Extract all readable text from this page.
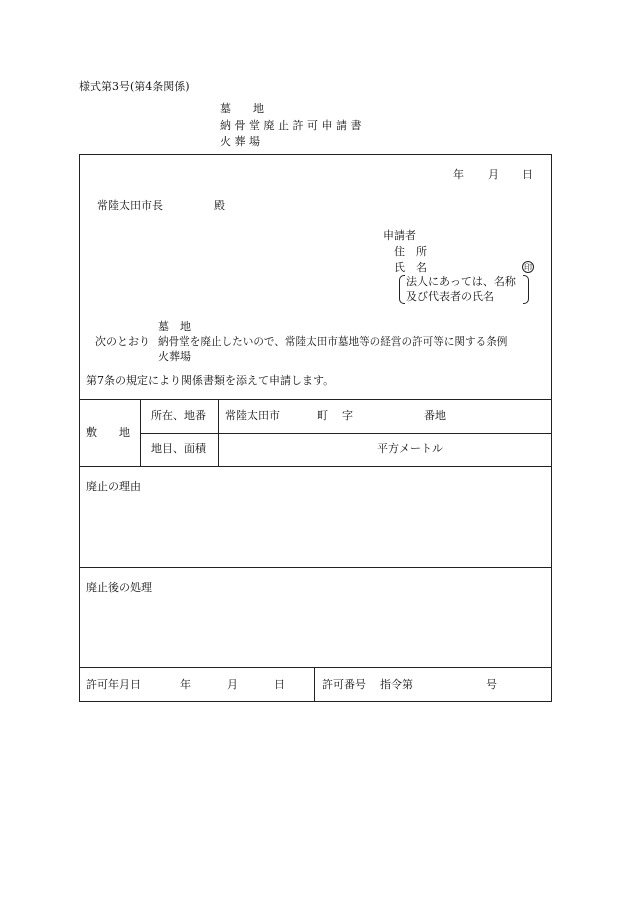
様式第3号(第4条関係)
墓　　地
納 骨 堂 廃 止 許 可 申 請 書
火 葬 場
年 月 日
常陸太田市長	殿
申請者
住　所
氏　名	印
法人にあっては、名称
及び代表者の氏名
墓　地
次のとおり 納骨堂を廃止したいので、常陸太田市墓地等の経営の許可等に関する条例
火葬場
第7条の規定により関係書類を添えて申請します。
敷　　地
所在、地番 常陸太田市	町 字	番地
地目、面積	平方メートル
廃止の理由
廃止後の処理
許可年月日	年	月	日	許可番号 指令第	号
